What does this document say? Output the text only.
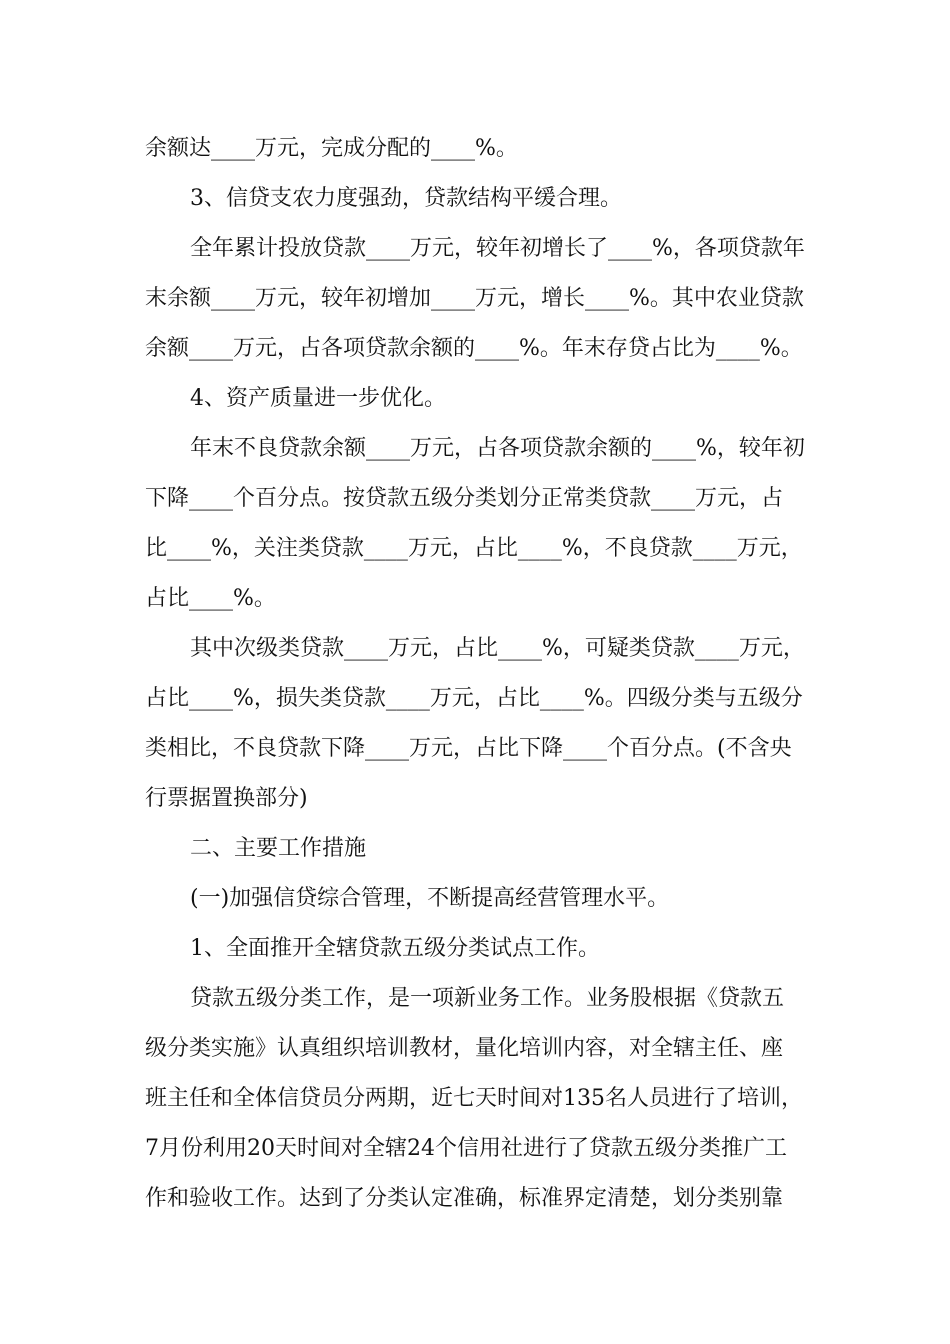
余额达____万元，完成分配的____%。
3、信贷支农力度强劲，贷款结构平缓合理。
全年累计投放贷款____万元，较年初增长了____%，各项贷款年
末余额____万元，较年初增加____万元，增长____%。其中农业贷款
余额____万元，占各项贷款余额的____%。年末存贷占比为____%。
4、资产质量进一步优化。
年末不良贷款余额____万元，占各项贷款余额的____%，较年初
下降____个百分点。按贷款五级分类划分正常类贷款____万元，占
比____%，关注类贷款____万元，占比____%，不良贷款____万元，
占比____%。
其中次级类贷款____万元，占比____%，可疑类贷款____万元，
占比____%，损失类贷款____万元，占比____%。四级分类与五级分
类相比，不良贷款下降____万元，占比下降____个百分点。(不含央
行票据置换部分)
二、主要工作措施
(一)加强信贷综合管理，不断提高经营管理水平。
1、全面推开全辖贷款五级分类试点工作。
贷款五级分类工作，是一项新业务工作。业务股根据《贷款五
级分类实施》认真组织培训教材，量化培训内容，对全辖主任、座
班主任和全体信贷员分两期，近七天时间对135名人员进行了培训，
7月份利用20天时间对全辖24个信用社进行了贷款五级分类推广工
作和验收工作。达到了分类认定准确，标准界定清楚，划分类别靠
